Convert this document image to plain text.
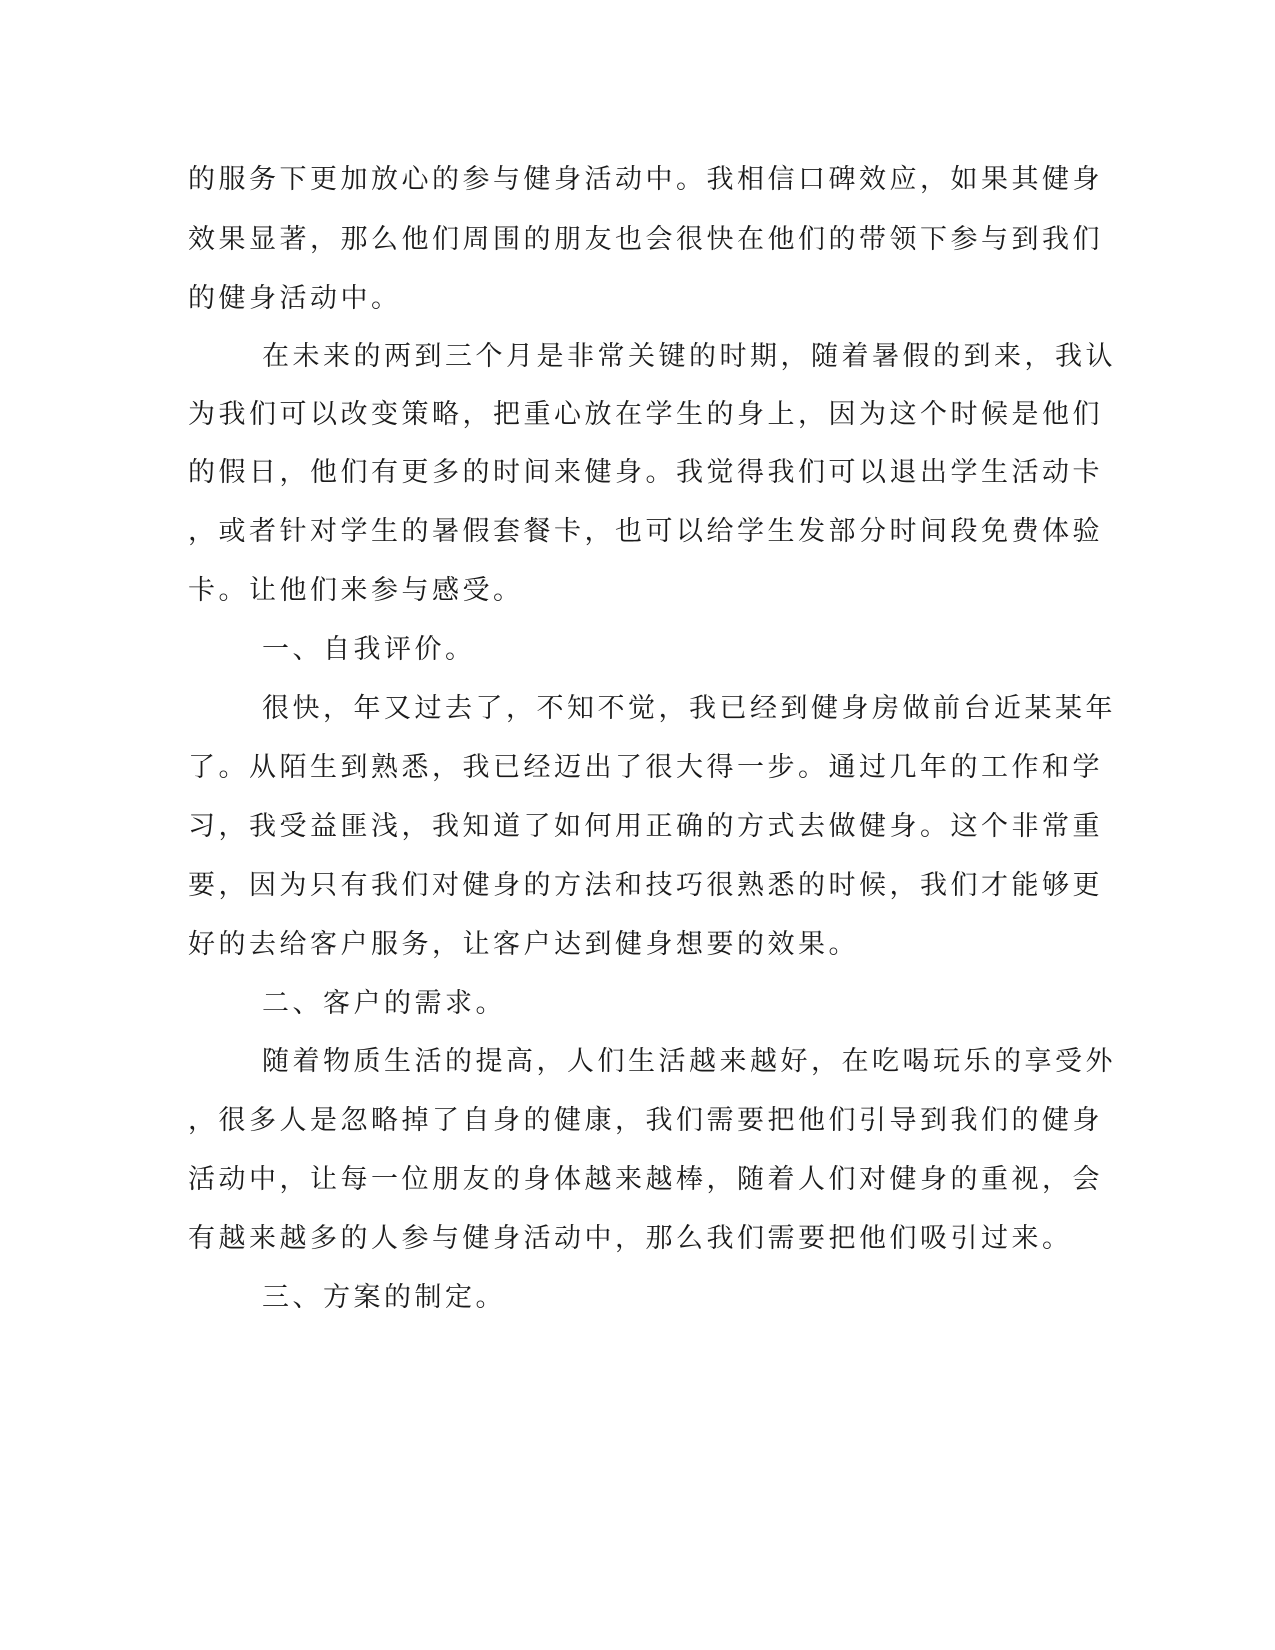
的服务下更加放心的参与健身活动中。我相信口碑效应，如果其健身
效果显著，那么他们周围的朋友也会很快在他们的带领下参与到我们
的健身活动中。
在未来的两到三个月是非常关键的时期，随着暑假的到来，我认
为我们可以改变策略，把重心放在学生的身上，因为这个时候是他们
的假日，他们有更多的时间来健身。我觉得我们可以退出学生活动卡
，或者针对学生的暑假套餐卡，也可以给学生发部分时间段免费体验
卡。让他们来参与感受。
一、自我评价。
很快，年又过去了，不知不觉，我已经到健身房做前台近某某年
了。从陌生到熟悉，我已经迈出了很大得一步。通过几年的工作和学
习，我受益匪浅，我知道了如何用正确的方式去做健身。这个非常重
要，因为只有我们对健身的方法和技巧很熟悉的时候，我们才能够更
好的去给客户服务，让客户达到健身想要的效果。
二、客户的需求。
随着物质生活的提高，人们生活越来越好，在吃喝玩乐的享受外
，很多人是忽略掉了自身的健康，我们需要把他们引导到我们的健身
活动中，让每一位朋友的身体越来越棒，随着人们对健身的重视，会
有越来越多的人参与健身活动中，那么我们需要把他们吸引过来。
三、方案的制定。
